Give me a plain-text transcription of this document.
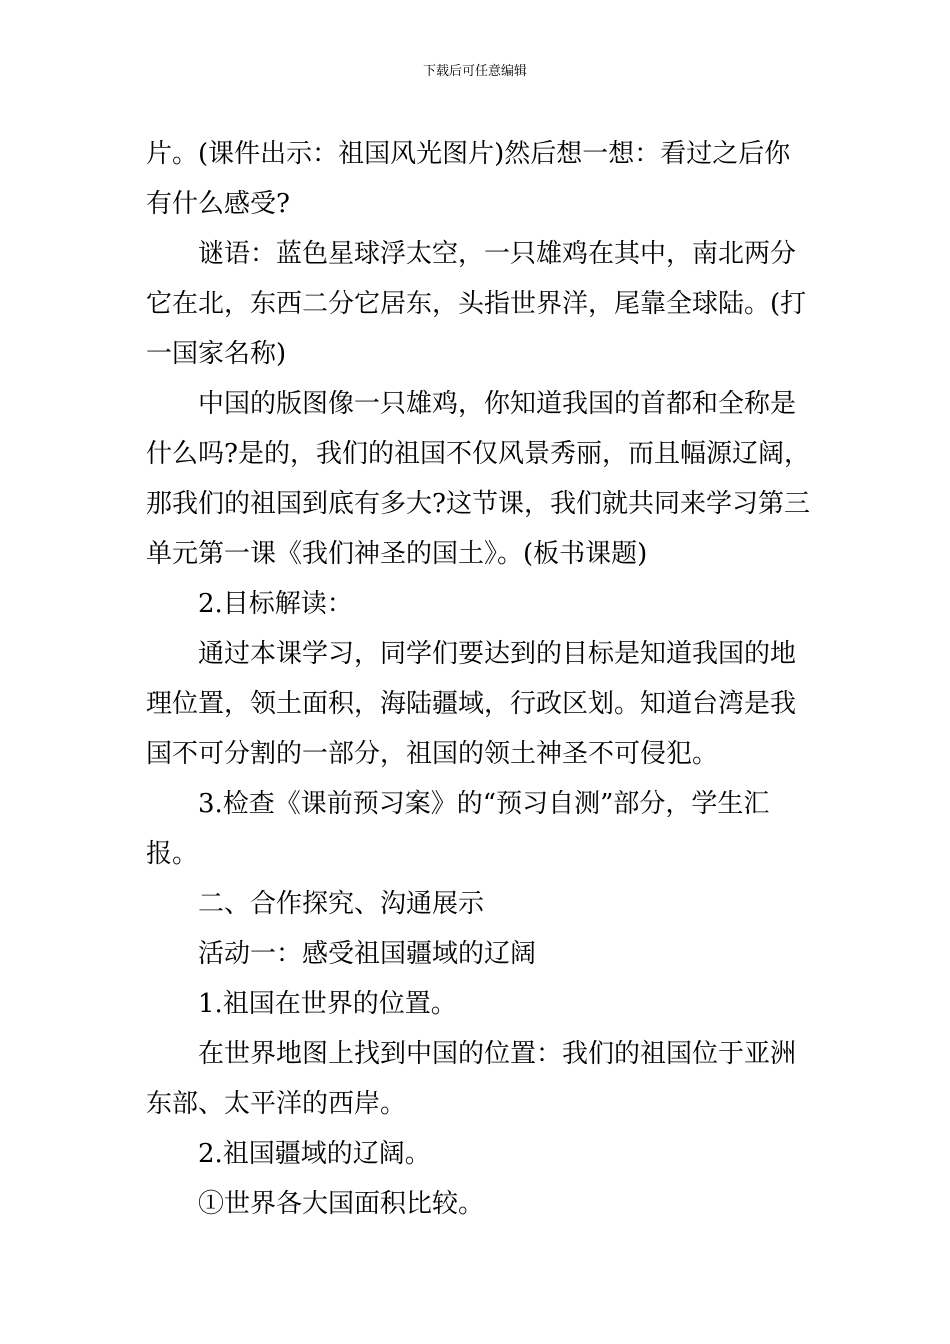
下载后可任意编辑

片。(课件出示：祖国风光图片)然后想一想：看过之后你有什么感受?

谜语：蓝色星球浮太空，一只雄鸡在其中，南北两分它在北，东西二分它居东，头指世界洋，尾靠全球陆。(打一国家名称)

中国的版图像一只雄鸡，你知道我国的首都和全称是什么吗?是的，我们的祖国不仅风景秀丽，而且幅源辽阔，那我们的祖国到底有多大?这节课，我们就共同来学习第三单元第一课《我们神圣的国土》。(板书课题)

2.目标解读：

通过本课学习，同学们要达到的目标是知道我国的地理位置，领土面积，海陆疆域，行政区划。知道台湾是我国不可分割的一部分，祖国的领土神圣不可侵犯。

3.检查《课前预习案》的“预习自测”部分，学生汇报。

二、合作探究、沟通展示

活动一：感受祖国疆域的辽阔

1.祖国在世界的位置。

在世界地图上找到中国的位置：我们的祖国位于亚洲东部、太平洋的西岸。

2.祖国疆域的辽阔。

①世界各大国面积比较。
